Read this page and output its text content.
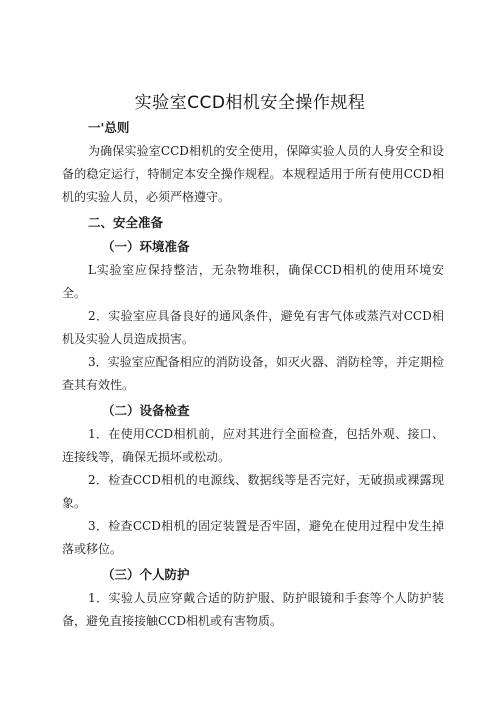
实验室CCD相机安全操作规程
一'总则

为确保实验室CCD相机的安全使用，保障实验人员的人身安全和设备的稳定运行，特制定本安全操作规程。本规程适用于所有使用CCD相机的实验人员，必须严格遵守。

二、安全准备
（一）环境准备

L实验室应保持整洁，无杂物堆积，确保CCD相机的使用环境安全。

2．实验室应具备良好的通风条件，避免有害气体或蒸汽对CCD相机及实验人员造成损害。

3．实验室应配备相应的消防设备，如灭火器、消防栓等，并定期检查其有效性。

（二）设备检查

1．在使用CCD相机前，应对其进行全面检查，包括外观、接口、连接线等，确保无损坏或松动。

2．检查CCD相机的电源线、数据线等是否完好，无破损或裸露现象。

3．检查CCD相机的固定装置是否牢固，避免在使用过程中发生掉落或移位。

（三）个人防护

1．实验人员应穿戴合适的防护服、防护眼镜和手套等个人防护装备，避免直接接触CCD相机或有害物质。
